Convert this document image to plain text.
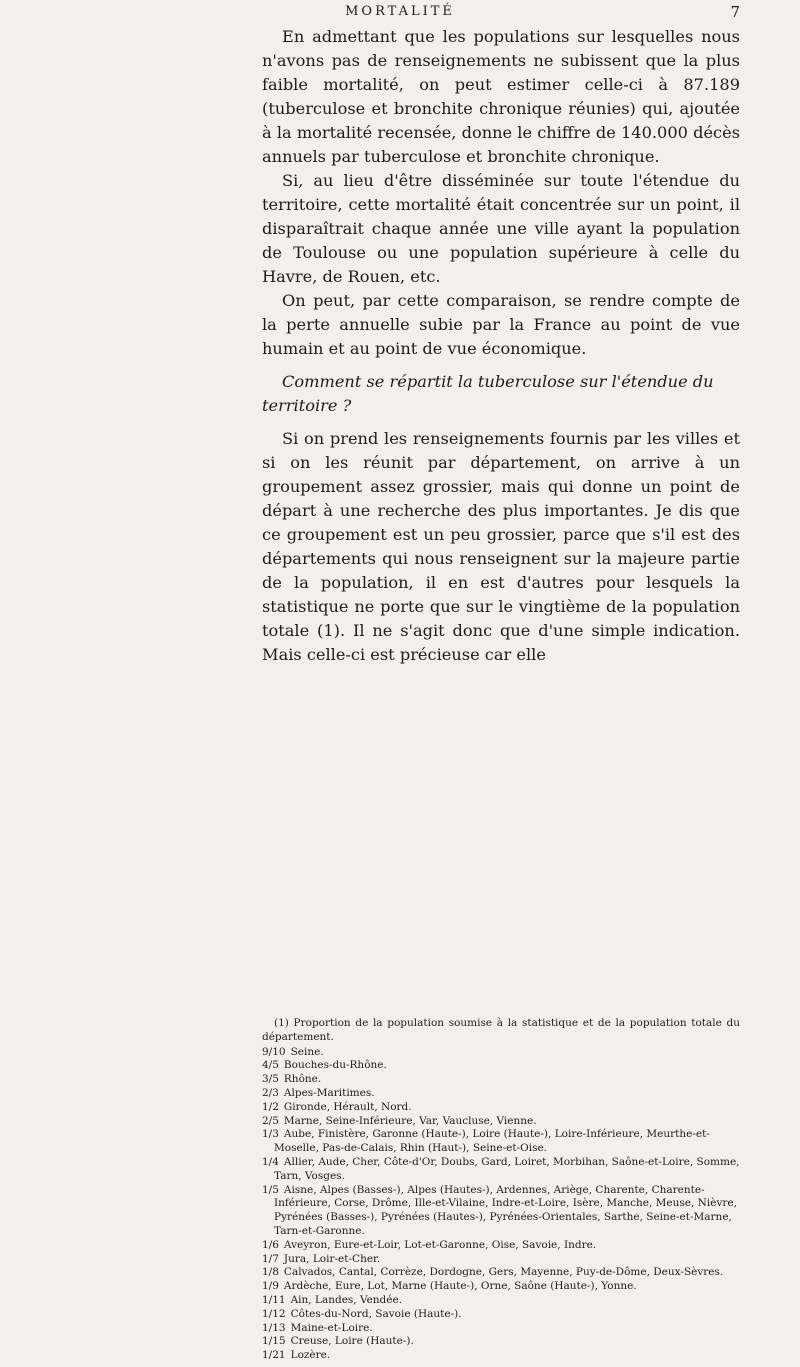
MORTALITÉ	7

En admettant que les populations sur lesquelles nous n'avons pas de renseignements ne subissent que la plus faible mortalité, on peut estimer celle-ci à 87.189 (tuberculose et bronchite chronique réunies) qui, ajoutée à la mortalité recensée, donne le chiffre de 140.000 décès annuels par tuberculose et bronchite chronique.

Si, au lieu d'être disséminée sur toute l'étendue du territoire, cette mortalité était concentrée sur un point, il disparaîtrait chaque année une ville ayant la population de Toulouse ou une population supérieure à celle du Havre, de Rouen, etc.

On peut, par cette comparaison, se rendre compte de la perte annuelle subie par la France au point de vue humain et au point de vue économique.

Comment se répartit la tuberculose sur l'étendue du territoire ?

Si on prend les renseignements fournis par les villes et si on les réunit par département, on arrive à un groupement assez grossier, mais qui donne un point de départ à une recherche des plus importantes. Je dis que ce groupement est un peu grossier, parce que s'il est des départements qui nous renseignent sur la majeure partie de la population, il en est d'autres pour lesquels la statistique ne porte que sur le vingtième de la population totale (1). Il ne s'agit donc que d'une simple indication. Mais celle-ci est précieuse car elle

(1) Proportion de la population soumise à la statistique et de la population totale du département.

9/10 Seine.
4/5 Bouches-du-Rhône.
3/5 Rhône.
2/3 Alpes-Maritimes.
1/2 Gironde, Hérault, Nord.
2/5 Marne, Seine-Inférieure, Var, Vaucluse, Vienne.
1/3 Aube, Finistère, Garonne (Haute-), Loire (Haute-), Loire-Inférieure, Meurthe-et-Moselle, Pas-de-Calais, Rhin (Haut-), Seine-et-Oise.
1/4 Allier, Aude, Cher, Côte-d'Or, Doubs, Gard, Loiret, Morbihan, Saône-et-Loire, Somme, Tarn, Vosges.
1/5 Aisne, Alpes (Basses-), Alpes (Hautes-), Ardennes, Ariège, Charente, Charente-Inférieure, Corse, Drôme, Ille-et-Vilaine, Indre-et-Loire, Isère, Manche, Meuse, Nièvre, Pyrénées (Basses-), Pyrénées (Hautes-), Pyrénées-Orientales, Sarthe, Seine-et-Marne, Tarn-et-Garonne.
1/6 Aveyron, Eure-et-Loir, Lot-et-Garonne, Oise, Savoie, Indre.
1/7 Jura, Loir-et-Cher.
1/8 Calvados, Cantal, Corrèze, Dordogne, Gers, Mayenne, Puy-de-Dôme, Deux-Sèvres.
1/9 Ardèche, Eure, Lot, Marne (Haute-), Orne, Saône (Haute-), Yonne.
1/11 Ain, Landes, Vendée.
1/12 Côtes-du-Nord, Savoie (Haute-).
1/13 Maine-et-Loire.
1/15 Creuse, Loire (Haute-).
1/21 Lozère.
